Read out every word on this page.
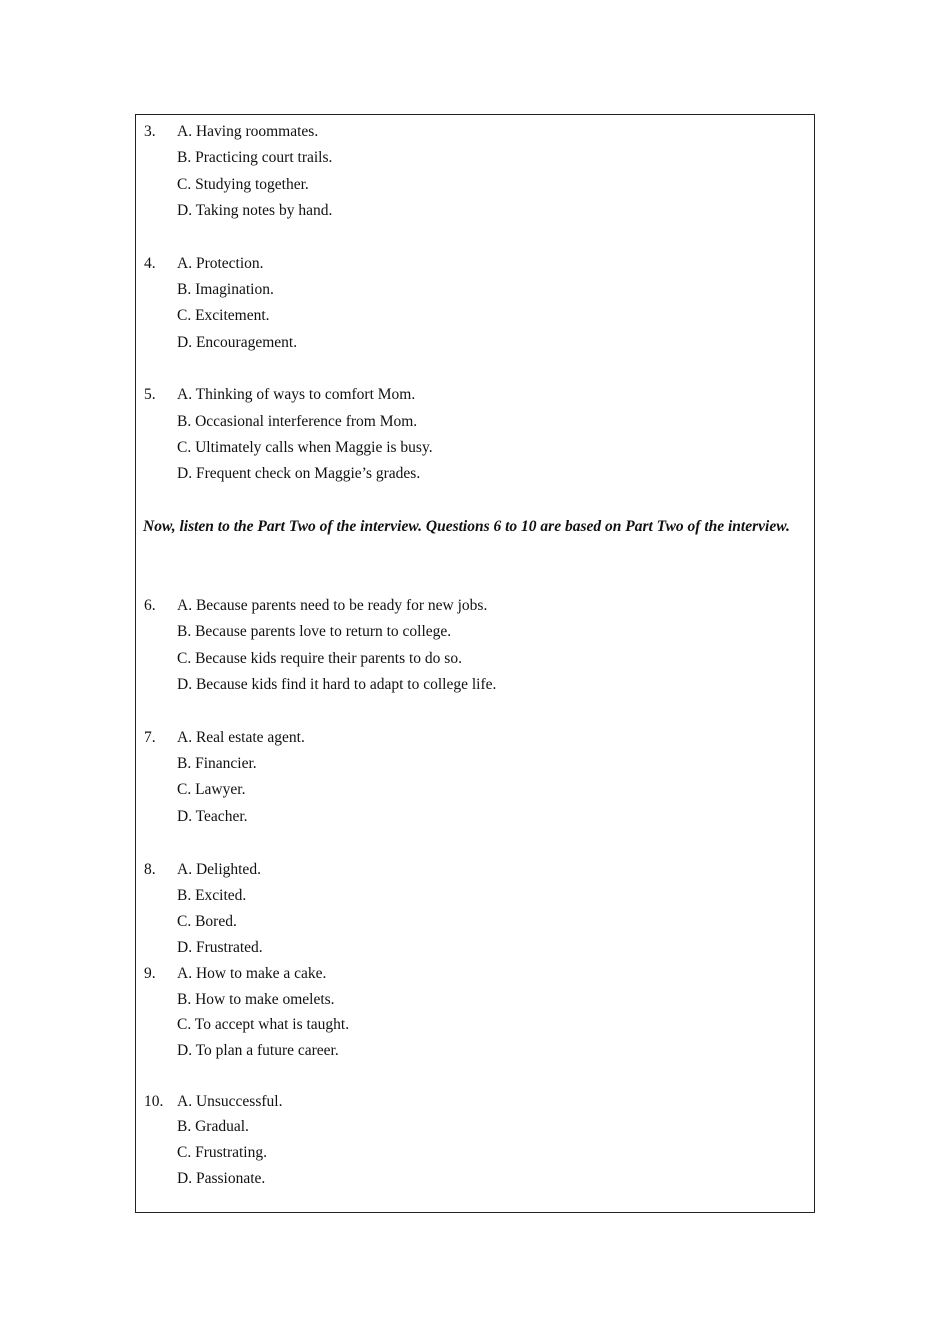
3. A. Having roommates.
B. Practicing court trails.
C. Studying together.
D. Taking notes by hand.
4. A. Protection.
B. Imagination.
C. Excitement.
D. Encouragement.
5. A. Thinking of ways to comfort Mom.
B. Occasional interference from Mom.
C. Ultimately calls when Maggie is busy.
D. Frequent check on Maggie’s grades.
Now, listen to the Part Two of the interview. Questions 6 to 10 are based on Part Two of the interview.
6. A. Because parents need to be ready for new jobs.
B. Because parents love to return to college.
C. Because kids require their parents to do so.
D. Because kids find it hard to adapt to college life.
7. A. Real estate agent.
B. Financier.
C. Lawyer.
D. Teacher.
8. A. Delighted.
B. Excited.
C. Bored.
D. Frustrated.
9. A. How to make a cake.
B. How to make omelets.
C. To accept what is taught.
D. To plan a future career.
10. A. Unsuccessful.
B. Gradual.
C. Frustrating.
D. Passionate.
